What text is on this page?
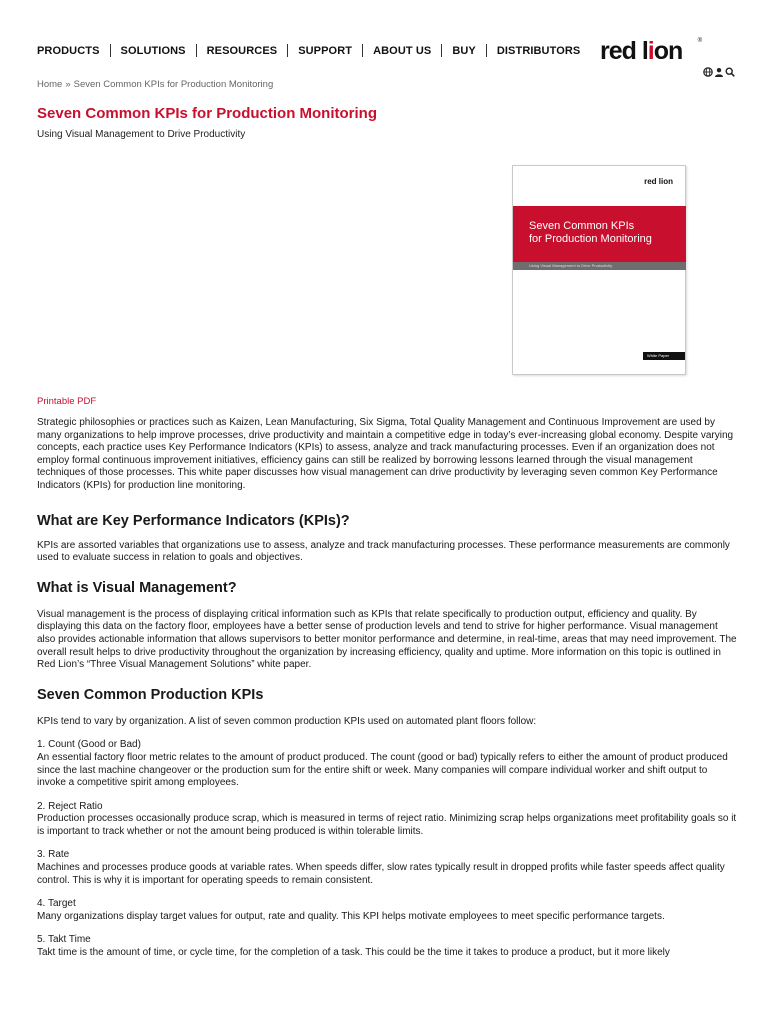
PRODUCTS SOLUTIONS RESOURCES SUPPORT ABOUT US BUY DISTRIBUTORS red lion	®
Home » Seven Common KPIs for Production Monitoring
Seven Common KPIs for Production Monitoring
Using Visual Management to Drive Productivity
red lion
Seven Common KPIs
for Production Monitoring
Using Visual Management to Drive Productivity
White Paper
Printable PDF

Strategic philosophies or practices such as Kaizen, Lean Manufacturing, Six Sigma, Total Quality Management and Continuous Improvement are used by many organizations to help improve processes, drive productivity and maintain a competitive edge in today’s ever-increasing global economy. Despite varying concepts, each practice uses Key Performance Indicators (KPIs) to assess, analyze and track manufacturing processes. Even if an organization does not employ formal continuous improvement initiatives, efficiency gains can still be realized by borrowing lessons learned through the visual management techniques of those processes. This white paper discusses how visual management can drive productivity by leveraging seven common Key Performance Indicators (KPIs) for production line monitoring.

What are Key Performance Indicators (KPIs)?

KPIs are assorted variables that organizations use to assess, analyze and track manufacturing processes. These performance measurements are commonly used to evaluate success in relation to goals and objectives.

What is Visual Management?

Visual management is the process of displaying critical information such as KPIs that relate specifically to production output, efficiency and quality. By displaying this data on the factory floor, employees have a better sense of production levels and tend to strive for higher performance. Visual management also provides actionable information that allows supervisors to better monitor performance and determine, in real-time, areas that may need improvement. The overall result helps to drive productivity throughout the organization by increasing efficiency, quality and uptime. More information on this topic is outlined in Red Lion’s “Three Visual Management Solutions” white paper.

Seven Common Production KPIs

KPIs tend to vary by organization. A list of seven common production KPIs used on automated plant floors follow:

1. Count (Good or Bad)

An essential factory floor metric relates to the amount of product produced. The count (good or bad) typically refers to either the amount of product produced since the last machine changeover or the production sum for the entire shift or week. Many companies will compare individual worker and shift output to invoke a competitive spirit among employees.

2. Reject Ratio

Production processes occasionally produce scrap, which is measured in terms of reject ratio. Minimizing scrap helps organizations meet profitability goals so it is important to track whether or not the amount being produced is within tolerable limits.

3. Rate

Machines and processes produce goods at variable rates. When speeds differ, slow rates typically result in dropped profits while faster speeds affect quality control. This is why it is important for operating speeds to remain consistent.

4. Target

Many organizations display target values for output, rate and quality. This KPI helps motivate employees to meet specific performance targets.

5. Takt Time

Takt time is the amount of time, or cycle time, for the completion of a task. This could be the time it takes to produce a product, but it more likely
